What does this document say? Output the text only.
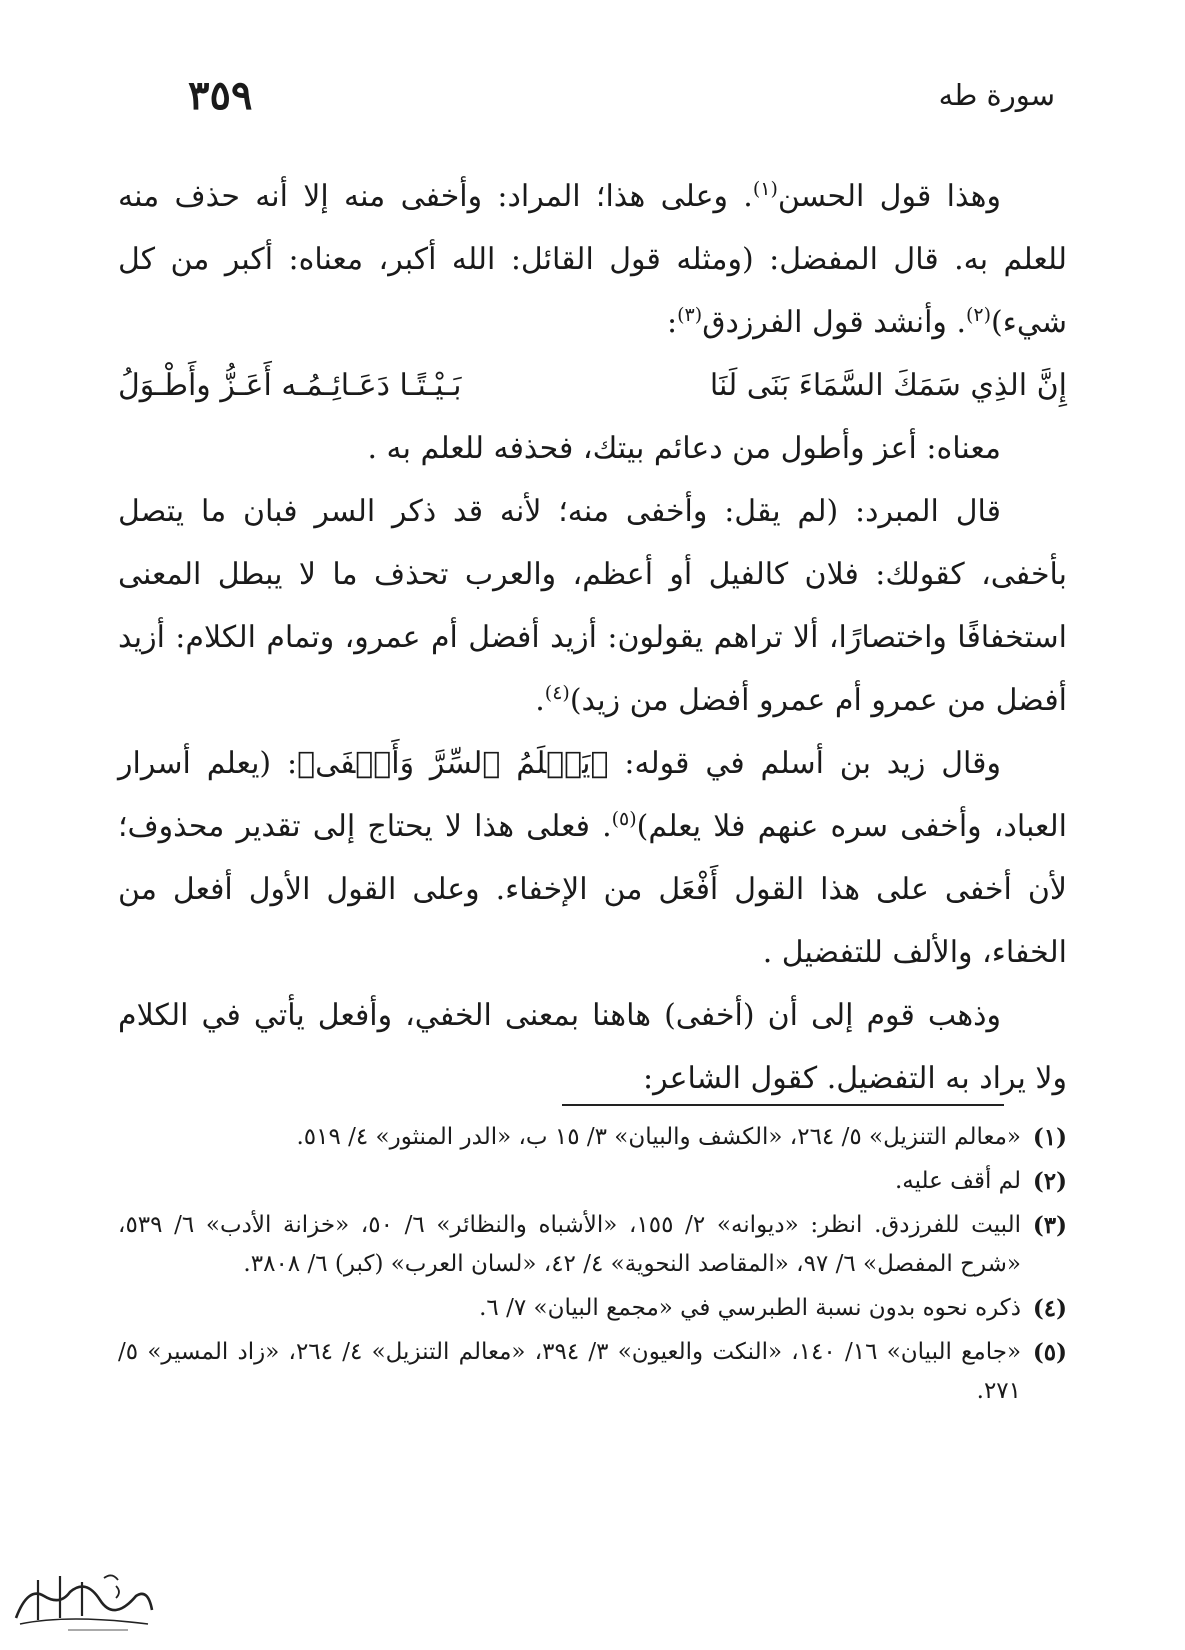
٣٥٩	سورة طه

وهذا قول الحسن$^{(١)}$. وعلى هذا؛ المراد: وأخفى منه إلا أنه حذف منه للعلم به. قال المفضل: (ومثله قول القائل: الله أكبر، معناه: أكبر من كل شيء)$^{(٢)}$. وأنشد قول الفرزدق$^{(٣)}$:

إِنَّ الذِي سَمَكَ السَّمَاءَ بَنَى لَنَا
بَـيْـتًـا دَعَـائِـمُـه أَعَـزُّ وأَطْـوَلُ

معناه: أعز وأطول من دعائم بيتك، فحذفه للعلم به .

قال المبرد: (لم يقل: وأخفى منه؛ لأنه قد ذكر السر فبان ما يتصل بأخفى، كقولك: فلان كالفيل أو أعظم، والعرب تحذف ما لا يبطل المعنى استخفافًا واختصارًا، ألا تراهم يقولون: أزيد أفضل أم عمرو، وتمام الكلام: أزيد أفضل من عمرو أم عمرو أفضل من زيد)$^{(٤)}$.

وقال زيد بن أسلم في قوله: ﴿يَعۡلَمُ ٱلسِّرَّ وَأَخۡفَى﴾: (يعلم أسرار العباد، وأخفى سره عنهم فلا يعلم)$^{(٥)}$. فعلى هذا لا يحتاج إلى تقدير محذوف؛ لأن أخفى على هذا القول أَفْعَل من الإخفاء. وعلى القول الأول أفعل من الخفاء، والألف للتفضيل .

وذهب قوم إلى أن (أخفى) هاهنا بمعنى الخفي، وأفعل يأتي في الكلام ولا يراد به التفضيل. كقول الشاعر:

(١)
«معالم التنزيل» ٥/ ٢٦٤، «الكشف والبيان» ٣/ ١٥ ب، «الدر المنثور» ٤/ ٥١٩.
(٢)
لم أقف عليه.
(٣)
البيت للفرزدق. انظر: «ديوانه» ٢/ ١٥٥، «الأشباه والنظائر» ٦/ ٥٠، «خزانة الأدب» ٦/ ٥٣٩، «شرح المفصل» ٦/ ٩٧، «المقاصد النحوية» ٤/ ٤٢، «لسان العرب» (كبر) ٦/ ٣٨٠٨.
(٤)
ذكره نحوه بدون نسبة الطبرسي في «مجمع البيان» ٧/ ٦.
(٥)
«جامع البيان» ١٦/ ١٤٠، «النكت والعيون» ٣/ ٣٩٤، «معالم التنزيل» ٤/ ٢٦٤، «زاد المسير» ٥/ ٢٧١.
